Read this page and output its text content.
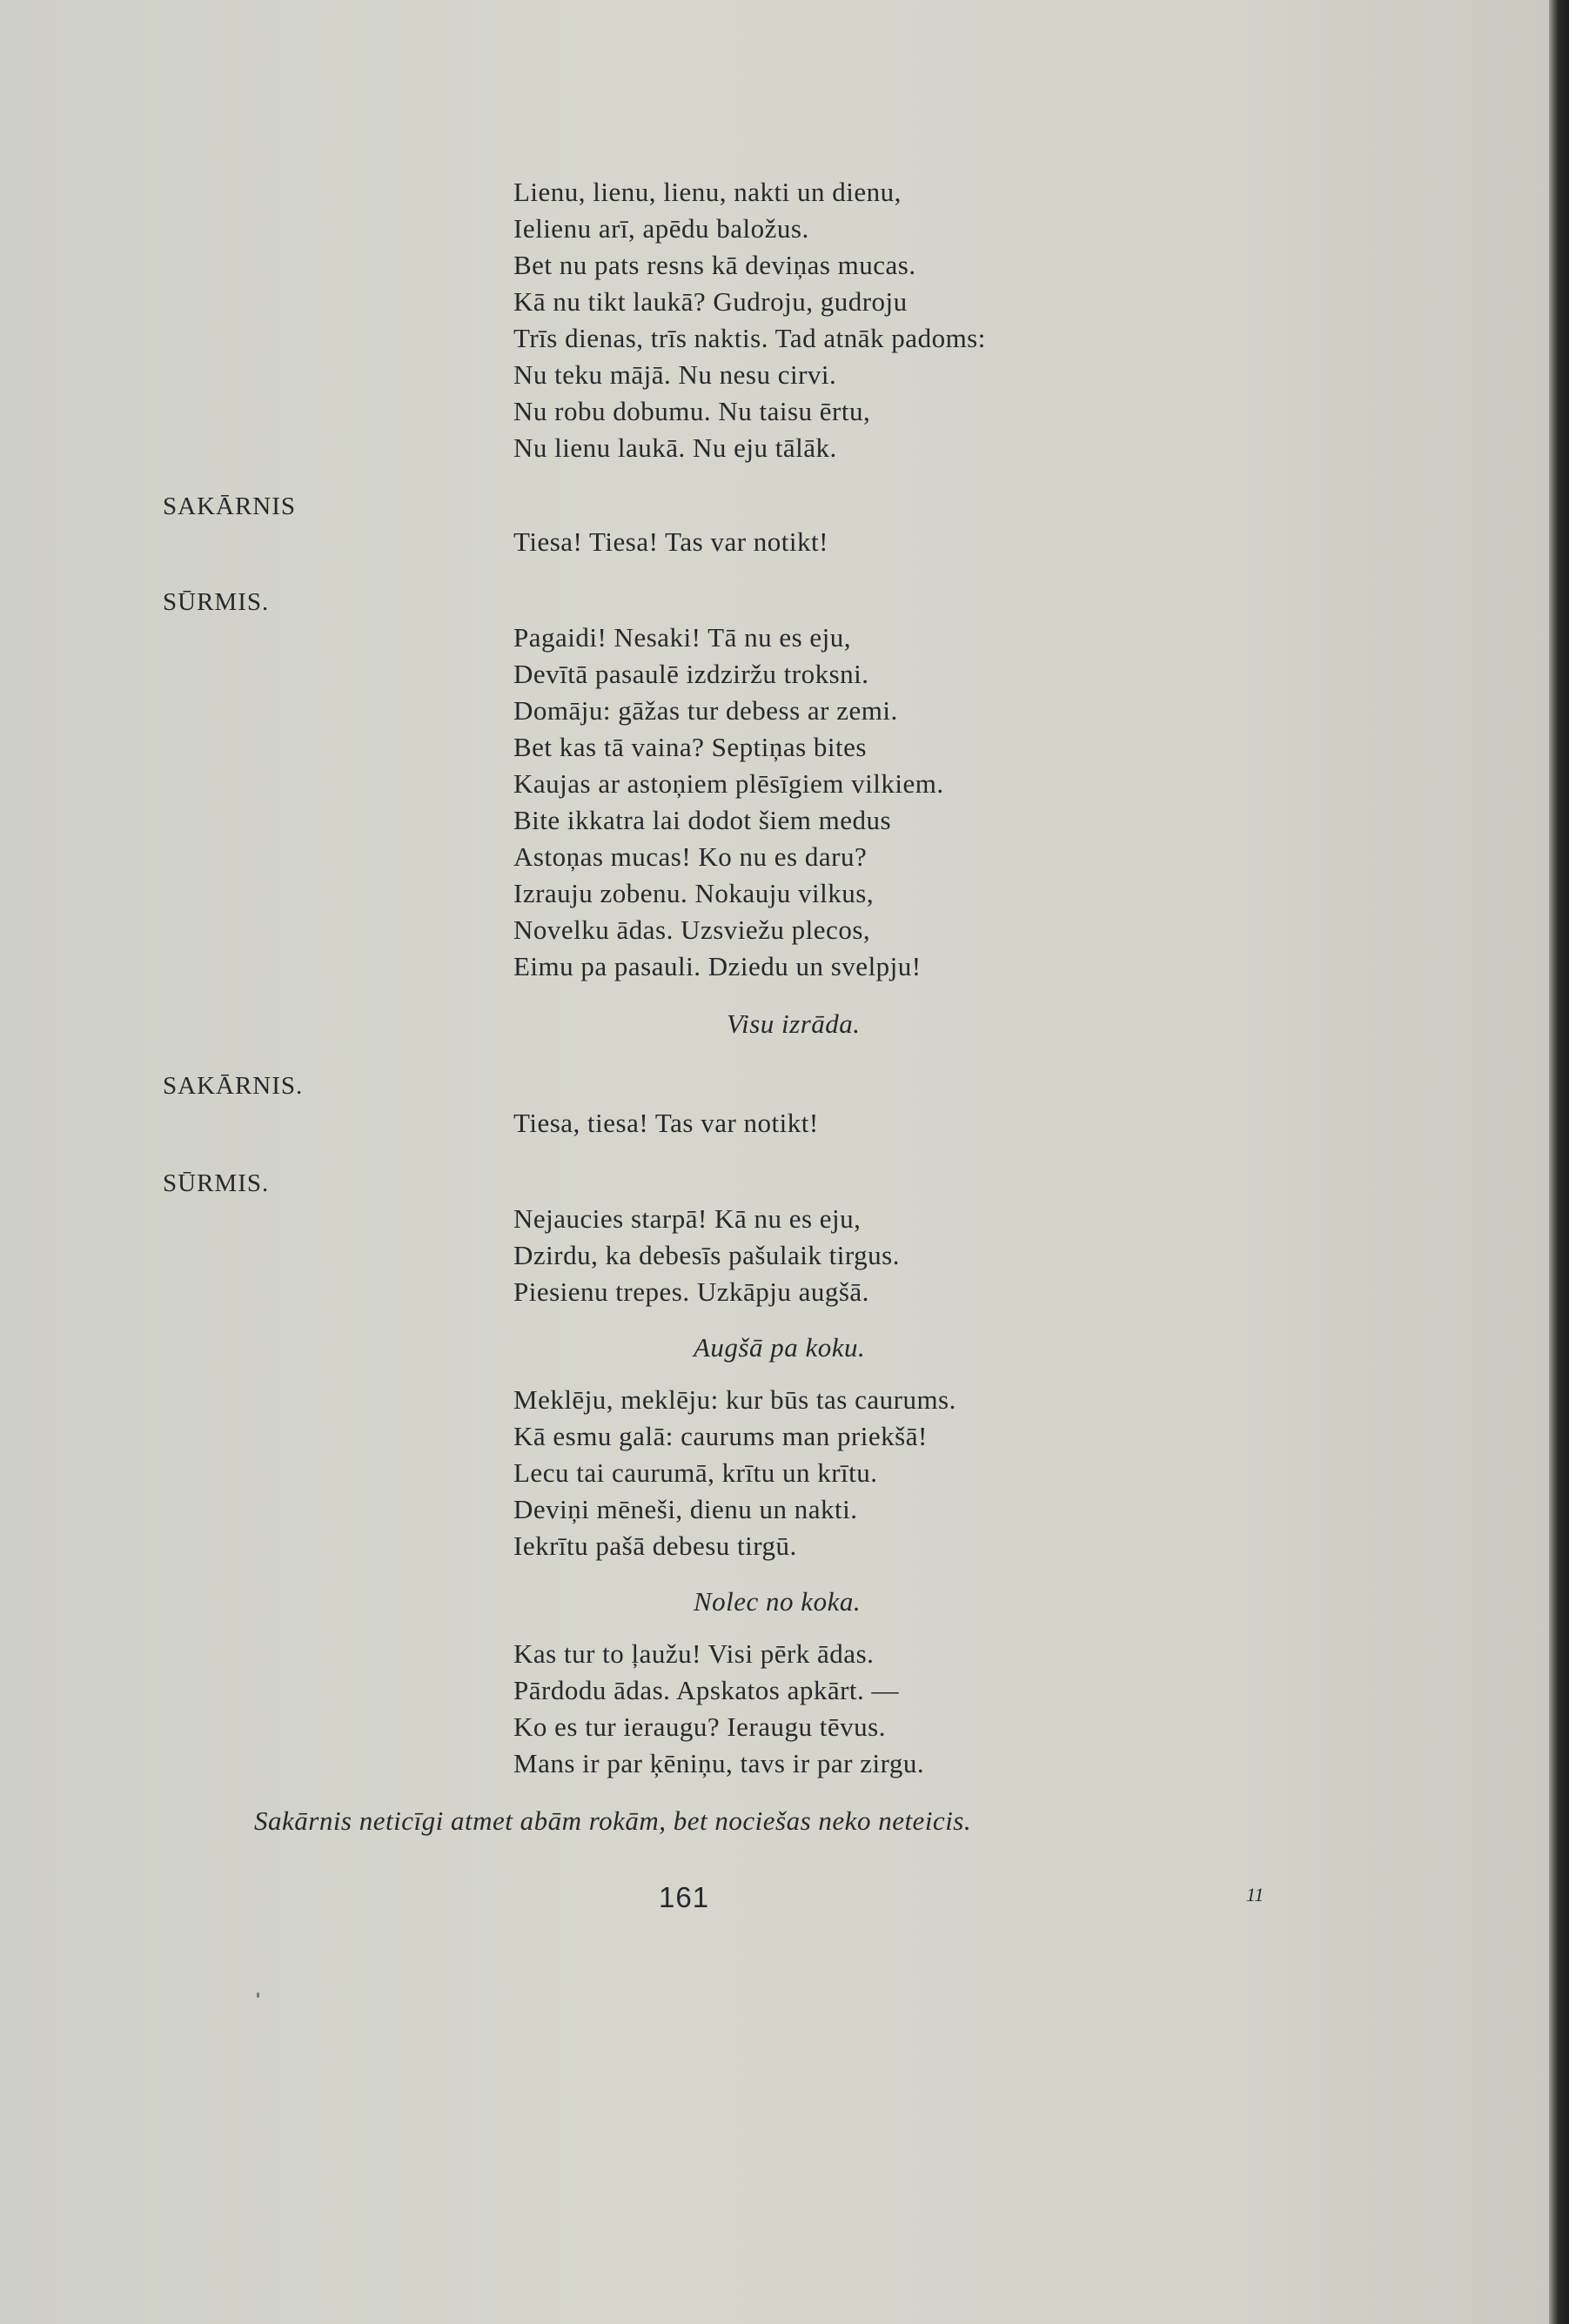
Lienu, lienu, lienu, nakti un dienu,
Ielienu arī, apēdu baložus.
Bet nu pats resns kā deviņas mucas.
Kā nu tikt laukā? Gudroju, gudroju
Trīs dienas, trīs naktis. Tad atnāk padoms:
Nu teku mājā. Nu nesu cirvi.
Nu robu dobumu. Nu taisu ērtu,
Nu lienu laukā. Nu eju tālāk.
SAKĀRNIS
Tiesa! Tiesa! Tas var notikt!
SŪRMIS.
Pagaidi! Nesaki! Tā nu es eju,
Devītā pasaulē izdziržu troksni.
Domāju: gāžas tur debess ar zemi.
Bet kas tā vaina? Septiņas bites
Kaujas ar astoņiem plēsīgiem vilkiem.
Bite ikkatra lai dodot šiem medus
Astoņas mucas! Ko nu es daru?
Izrauju zobenu. Nokauju vilkus,
Novelku ādas. Uzsviežu plecos,
Eimu pa pasauli. Dziedu un svelpju!
Visu izrāda.
SAKĀRNIS.
Tiesa, tiesa! Tas var notikt!
SŪRMIS.
Nejaucies starpā! Kā nu es eju,
Dzirdu, ka debesīs pašulaik tirgus.
Piesienu trepes. Uzkāpju augšā.
Augšā pa koku.
Meklēju, meklēju: kur būs tas caurums.
Kā esmu galā: caurums man priekšā!
Lecu tai caurumā, krītu un krītu.
Deviņi mēneši, dienu un nakti.
Iekrītu pašā debesu tirgū.
Nolec no koka.
Kas tur to ļaužu! Visi pērk ādas.
Pārdodu ādas. Apskatos apkārt. —
Ko es tur ieraugu? Ieraugu tēvus.
Mans ir par ķēniņu, tavs ir par zirgu.
Sakārnis neticīgi atmet abām rokām, bet nociešas neko neteicis.
161	11
